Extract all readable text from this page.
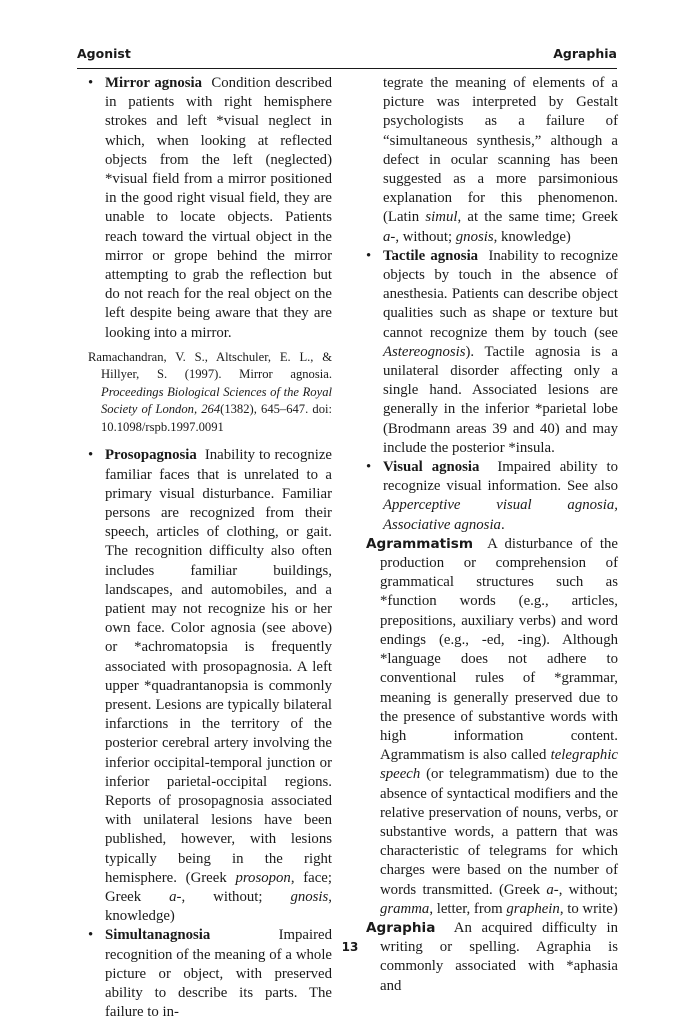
Agonist	Agraphia

• Mirror agnosia Condition described in patients with right hemisphere strokes and left *visual neglect in which, when looking at reflected objects from the left (neglected) *visual field from a mirror positioned in the good right visual field, they are unable to locate objects. Patients reach toward the virtual object in the mirror or grope behind the mirror attempting to grab the reflection but do not reach for the real object on the left despite being aware that they are looking into a mirror.

Ramachandran, V. S., Altschuler, E. L., & Hillyer, S. (1997). Mirror agnosia. Proceedings Biological Sciences of the Royal Society of London, 264(1382), 645–647. doi: 10.1098/rspb.1997.0091

• Prosopagnosia Inability to recognize familiar faces that is unrelated to a primary visual disturbance. Familiar persons are recognized from their speech, articles of clothing, or gait. The recognition difficulty also often includes familiar buildings, landscapes, and automobiles, and a patient may not recognize his or her own face. Color agnosia (see above) or *achromatopsia is frequently associated with prosopagnosia. A left upper *quadrantanopsia is commonly present. Lesions are typically bilateral infarctions in the territory of the posterior cerebral artery involving the inferior occipital-temporal junction or inferior parietal-occipital regions. Reports of prosopagnosia associated with unilateral lesions have been published, however, with lesions typically being in the right hemisphere. (Greek prosopon, face; Greek a-, without; gnosis, knowledge)

• Simultanagnosia	Impaired recognition of the meaning of a whole picture or object, with preserved ability to describe its parts. The failure to in-

tegrate the meaning of elements of a picture was interpreted by Gestalt psychologists as a failure of “simultaneous synthesis,” although a defect in ocular scanning has been suggested as a more parsimonious explanation for this phenomenon. (Latin simul, at the same time; Greek a-, without; gnosis, knowledge)

• Tactile agnosia Inability to recognize objects by touch in the absence of anesthesia. Patients can describe object qualities such as shape or texture but cannot recognize them by touch (see Astereognosis). Tactile agnosia is a unilateral disorder affecting only a single hand. Associated lesions are generally in the inferior *parietal lobe (Brodmann areas 39 and 40) and may include the posterior *insula.

• Visual agnosia Impaired ability to recognize visual information. See also Apperceptive visual agnosia, Associative agnosia.

Agrammatism A disturbance of the production or comprehension of grammatical structures such as *function words (e.g., articles, prepositions, auxiliary verbs) and word endings (e.g., -ed, -ing). Although *language does not adhere to conventional rules of *grammar, meaning is generally preserved due to the presence of substantive words with high information content. Agrammatism is also called telegraphic speech (or telegrammatism) due to the absence of syntactical modifiers and the relative preservation of nouns, verbs, or substantive words, a pattern that was characteristic of telegrams for which charges were based on the number of words transmitted. (Greek a-, without; gramma, letter, from graphein, to write)

Agraphia An acquired difficulty in writing or spelling. Agraphia is commonly associated with *aphasia and

13
